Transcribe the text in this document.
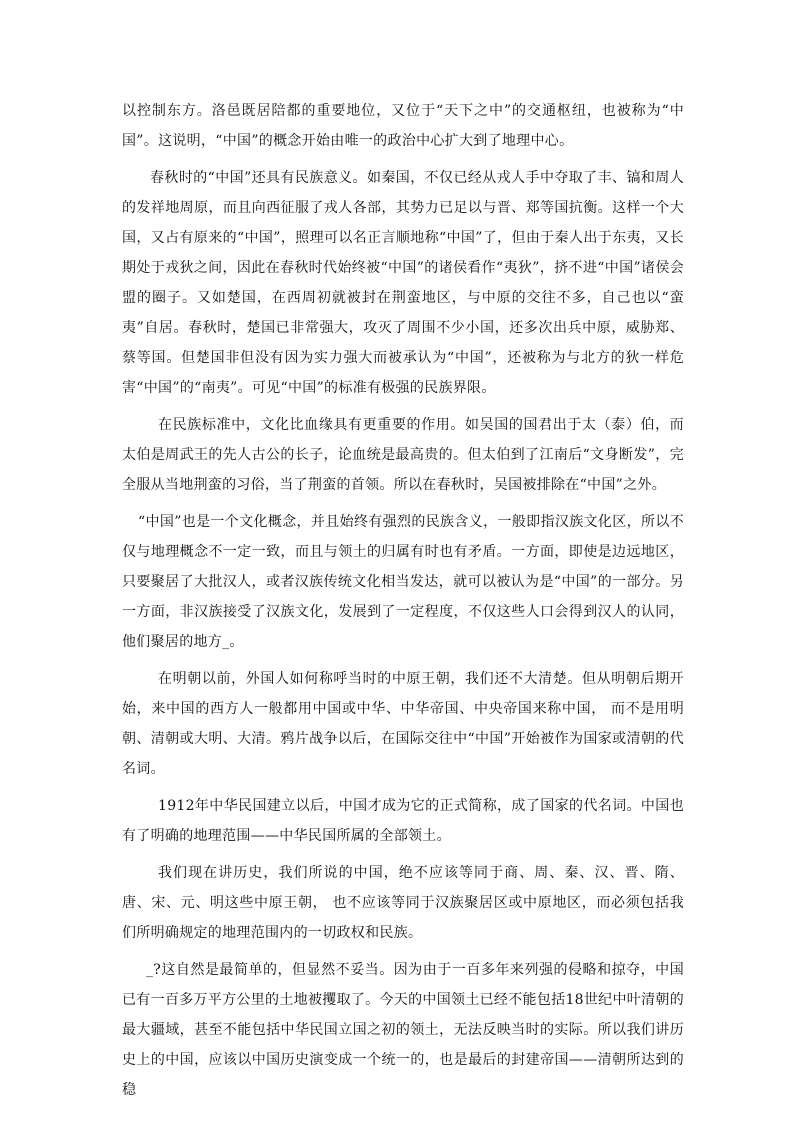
以控制东方。洛邑既居陪都的重要地位，又位于“天下之中”的交通枢纽，也被称为“中国”。这说明，“中国”的概念开始由唯一的政治中心扩大到了地理中心。

春秋时的“中国”还具有民族意义。如秦国，不仅已经从戎人手中夺取了丰、镐和周人的发祥地周原，而且向西征服了戎人各部，其势力已足以与晋、郑等国抗衡。这样一个大国，又占有原来的“中国”，照理可以名正言顺地称“中国”了，但由于秦人出于东夷，又长期处于戎狄之间，因此在春秋时代始终被“中国”的诸侯看作“夷狄”，挤不进“中国”诸侯会盟的圈子。又如楚国，在西周初就被封在荆蛮地区，与中原的交往不多，自己也以“蛮夷”自居。春秋时，楚国已非常强大，攻灭了周围不少小国，还多次出兵中原，威胁郑、蔡等国。但楚国非但没有因为实力强大而被承认为“中国”，还被称为与北方的狄一样危害“中国”的“南夷”。可见“中国”的标准有极强的民族界限。

在民族标准中，文化比血缘具有更重要的作用。如吴国的国君出于太（泰）伯，而太伯是周武王的先人古公的长子，论血统是最高贵的。但太伯到了江南后“文身断发”，完全服从当地荆蛮的习俗，当了荆蛮的首领。所以在春秋时，吴国被排除在“中国”之外。

“中国”也是一个文化概念，并且始终有强烈的民族含义，一般即指汉族文化区，所以不仅与地理概念不一定一致，而且与领土的归属有时也有矛盾。一方面，即使是边远地区，只要聚居了大批汉人，或者汉族传统文化相当发达，就可以被认为是“中国”的一部分。另一方面，非汉族接受了汉族文化，发展到了一定程度，不仅这些人口会得到汉人的认同，他们聚居的地方_。

在明朝以前，外国人如何称呼当时的中原王朝，我们还不大清楚。但从明朝后期开始，来中国的西方人一般都用中国或中华、中华帝国、中央帝国来称中国， 而不是用明朝、清朝或大明、大清。鸦片战争以后，在国际交往中“中国”开始被作为国家或清朝的代名词。

1912年中华民国建立以后，中国才成为它的正式简称，成了国家的代名词。中国也有了明确的地理范围——中华民国所属的全部领土。

我们现在讲历史，我们所说的中国，绝不应该等同于商、周、秦、汉、晋、隋、唐、宋、元、明这些中原王朝， 也不应该等同于汉族聚居区或中原地区，而必须包括我们所明确规定的地理范围内的一切政权和民族。

_?这自然是最简单的，但显然不妥当。因为由于一百多年来列强的侵略和掠夺，中国已有一百多万平方公里的土地被攫取了。今天的中国领土已经不能包括18世纪中叶清朝的最大疆域，甚至不能包括中华民国立国之初的领土，无法反映当时的实际。所以我们讲历史上的中国，应该以中国历史演变成一个统一的，也是最后的封建帝国——清朝所达到的稳
